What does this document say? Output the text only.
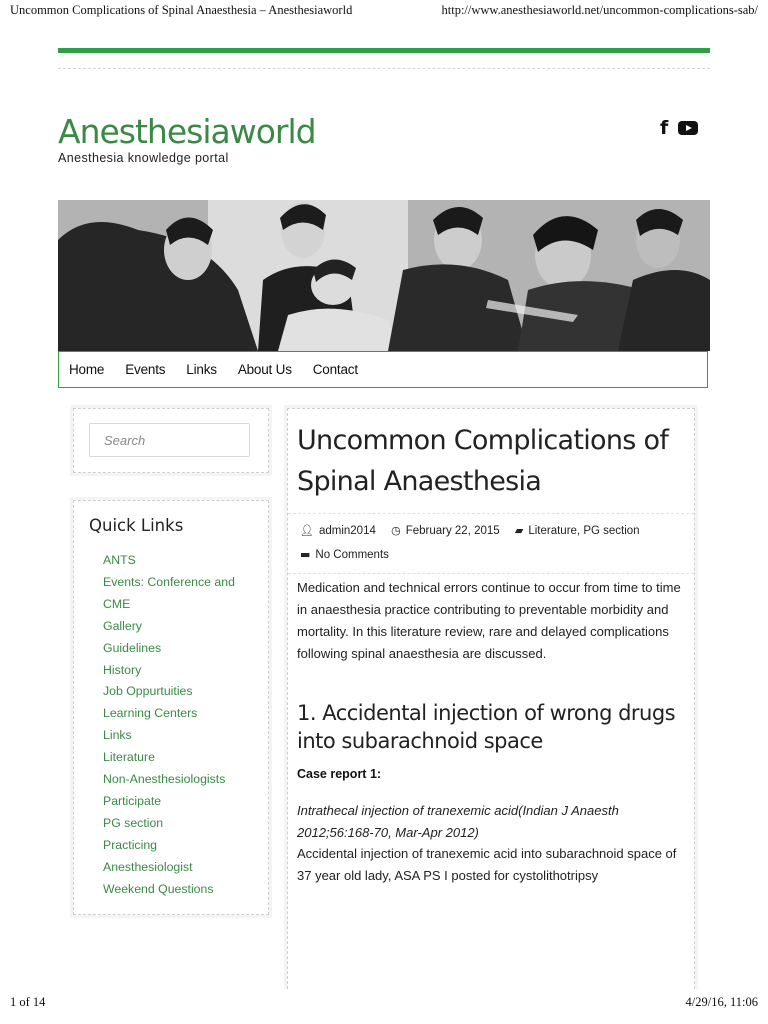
Uncommon Complications of Spinal Anaesthesia – Anesthesiaworld	http://www.anesthesiaworld.net/uncommon-complications-sab/
Anesthesiaworld
Anesthesia knowledge portal
f
Home Events Links About Us Contact
Search
Quick Links
ANTS
Events: Conference and
CME
Gallery
Guidelines
History
Job Oppurtuities
Learning Centers
Links
Literature
Non-Anesthesiologists
Participate
PG section
Practicing
Anesthesiologist
Weekend Questions
Uncommon Complications of Spinal Anaesthesia
👤︎ admin2014 ◷ February 22, 2015 ▰ Literature, PG section
▬ No Comments

Medication and technical errors continue to occur from time to time in anaesthesia practice contributing to preventable morbidity and mortality. In this literature review, rare and delayed complications following spinal anaesthesia are discussed.

1. Accidental injection of wrong drugs into subarachnoid space
Case report 1:

Intrathecal injection of tranexemic acid(Indian J Anaesth 2012;56:168-70, Mar-Apr 2012)

Accidental injection of tranexemic acid into subarachnoid space of 37 year old lady, ASA PS I posted for cystolithotripsy

1 of 14	4/29/16, 11:06
